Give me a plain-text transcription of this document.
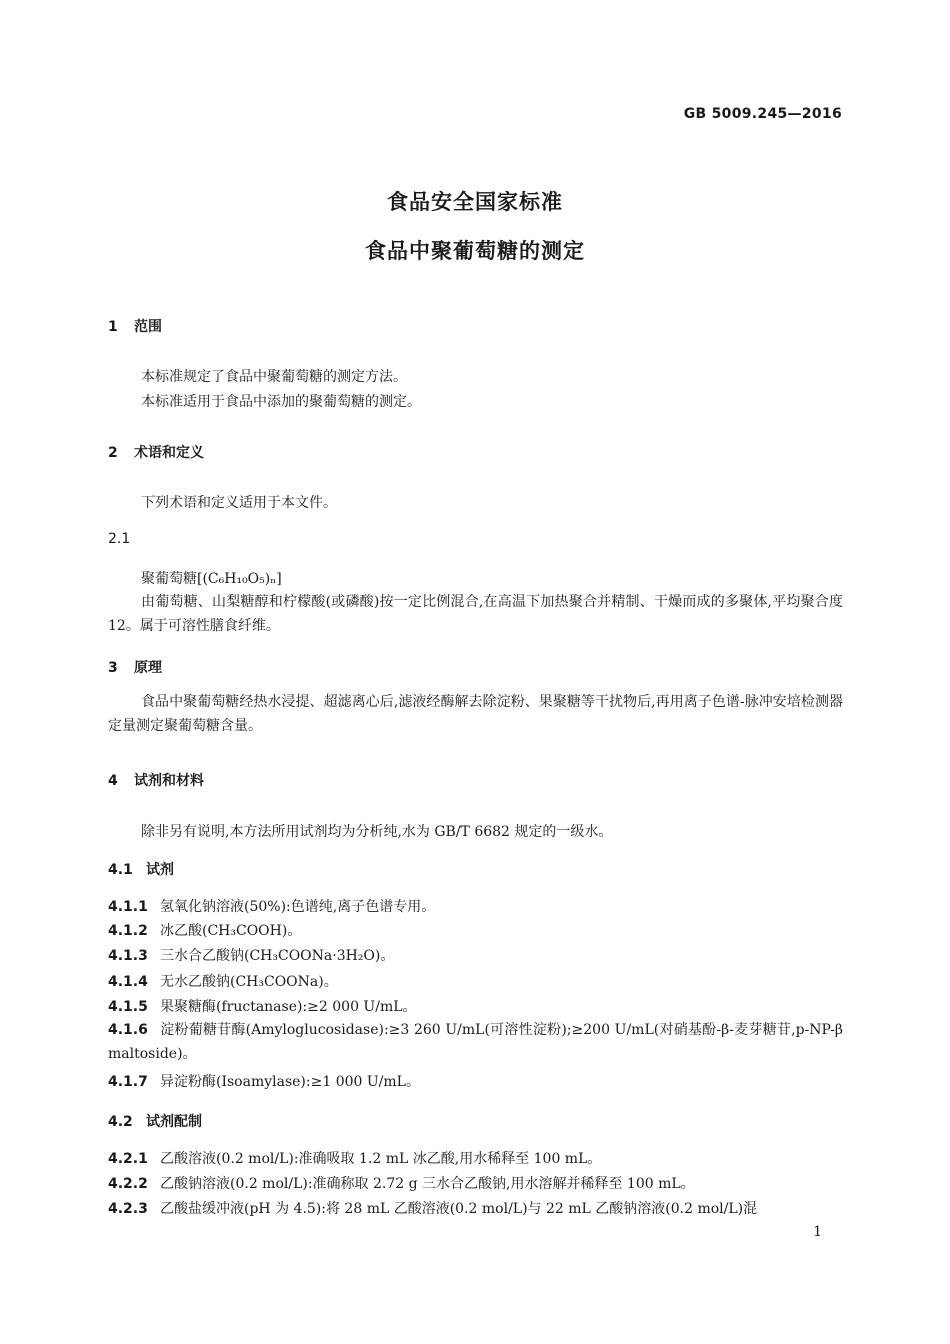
GB 5009.245—2016
食品安全国家标准
食品中聚葡萄糖的测定
1 范围
本标准规定了食品中聚葡萄糖的测定方法。
本标准适用于食品中添加的聚葡萄糖的测定。
2 术语和定义
下列术语和定义适用于本文件。
2.1
聚葡萄糖[(C₆H₁₀O₅)ₙ]
由葡萄糖、山梨糖醇和柠檬酸(或磷酸)按一定比例混合,在高温下加热聚合并精制、干燥而成的多聚体,平均聚合度 12。属于可溶性膳食纤维。
3 原理
食品中聚葡萄糖经热水浸提、超滤离心后,滤液经酶解去除淀粉、果聚糖等干扰物后,再用离子色谱-脉冲安培检测器定量测定聚葡萄糖含量。
4 试剂和材料
除非另有说明,本方法所用试剂均为分析纯,水为 GB/T 6682 规定的一级水。
4.1 试剂
4.1.1 氢氧化钠溶液(50%):色谱纯,离子色谱专用。
4.1.2 冰乙酸(CH₃COOH)。
4.1.3 三水合乙酸钠(CH₃COONa·3H₂O)。
4.1.4 无水乙酸钠(CH₃COONa)。
4.1.5 果聚糖酶(fructanase):≥2 000 U/mL。
4.1.6 淀粉葡糖苷酶(Amyloglucosidase):≥3 260 U/mL(可溶性淀粉);≥200 U/mL(对硝基酚-β-麦芽糖苷,p-NP-β maltoside)。
4.1.7 异淀粉酶(Isoamylase):≥1 000 U/mL。
4.2 试剂配制
4.2.1 乙酸溶液(0.2 mol/L):准确吸取 1.2 mL 冰乙酸,用水稀释至 100 mL。
4.2.2 乙酸钠溶液(0.2 mol/L):准确称取 2.72 g 三水合乙酸钠,用水溶解并稀释至 100 mL。
4.2.3 乙酸盐缓冲液(pH 为 4.5):将 28 mL 乙酸溶液(0.2 mol/L)与 22 mL 乙酸钠溶液(0.2 mol/L)混
1
